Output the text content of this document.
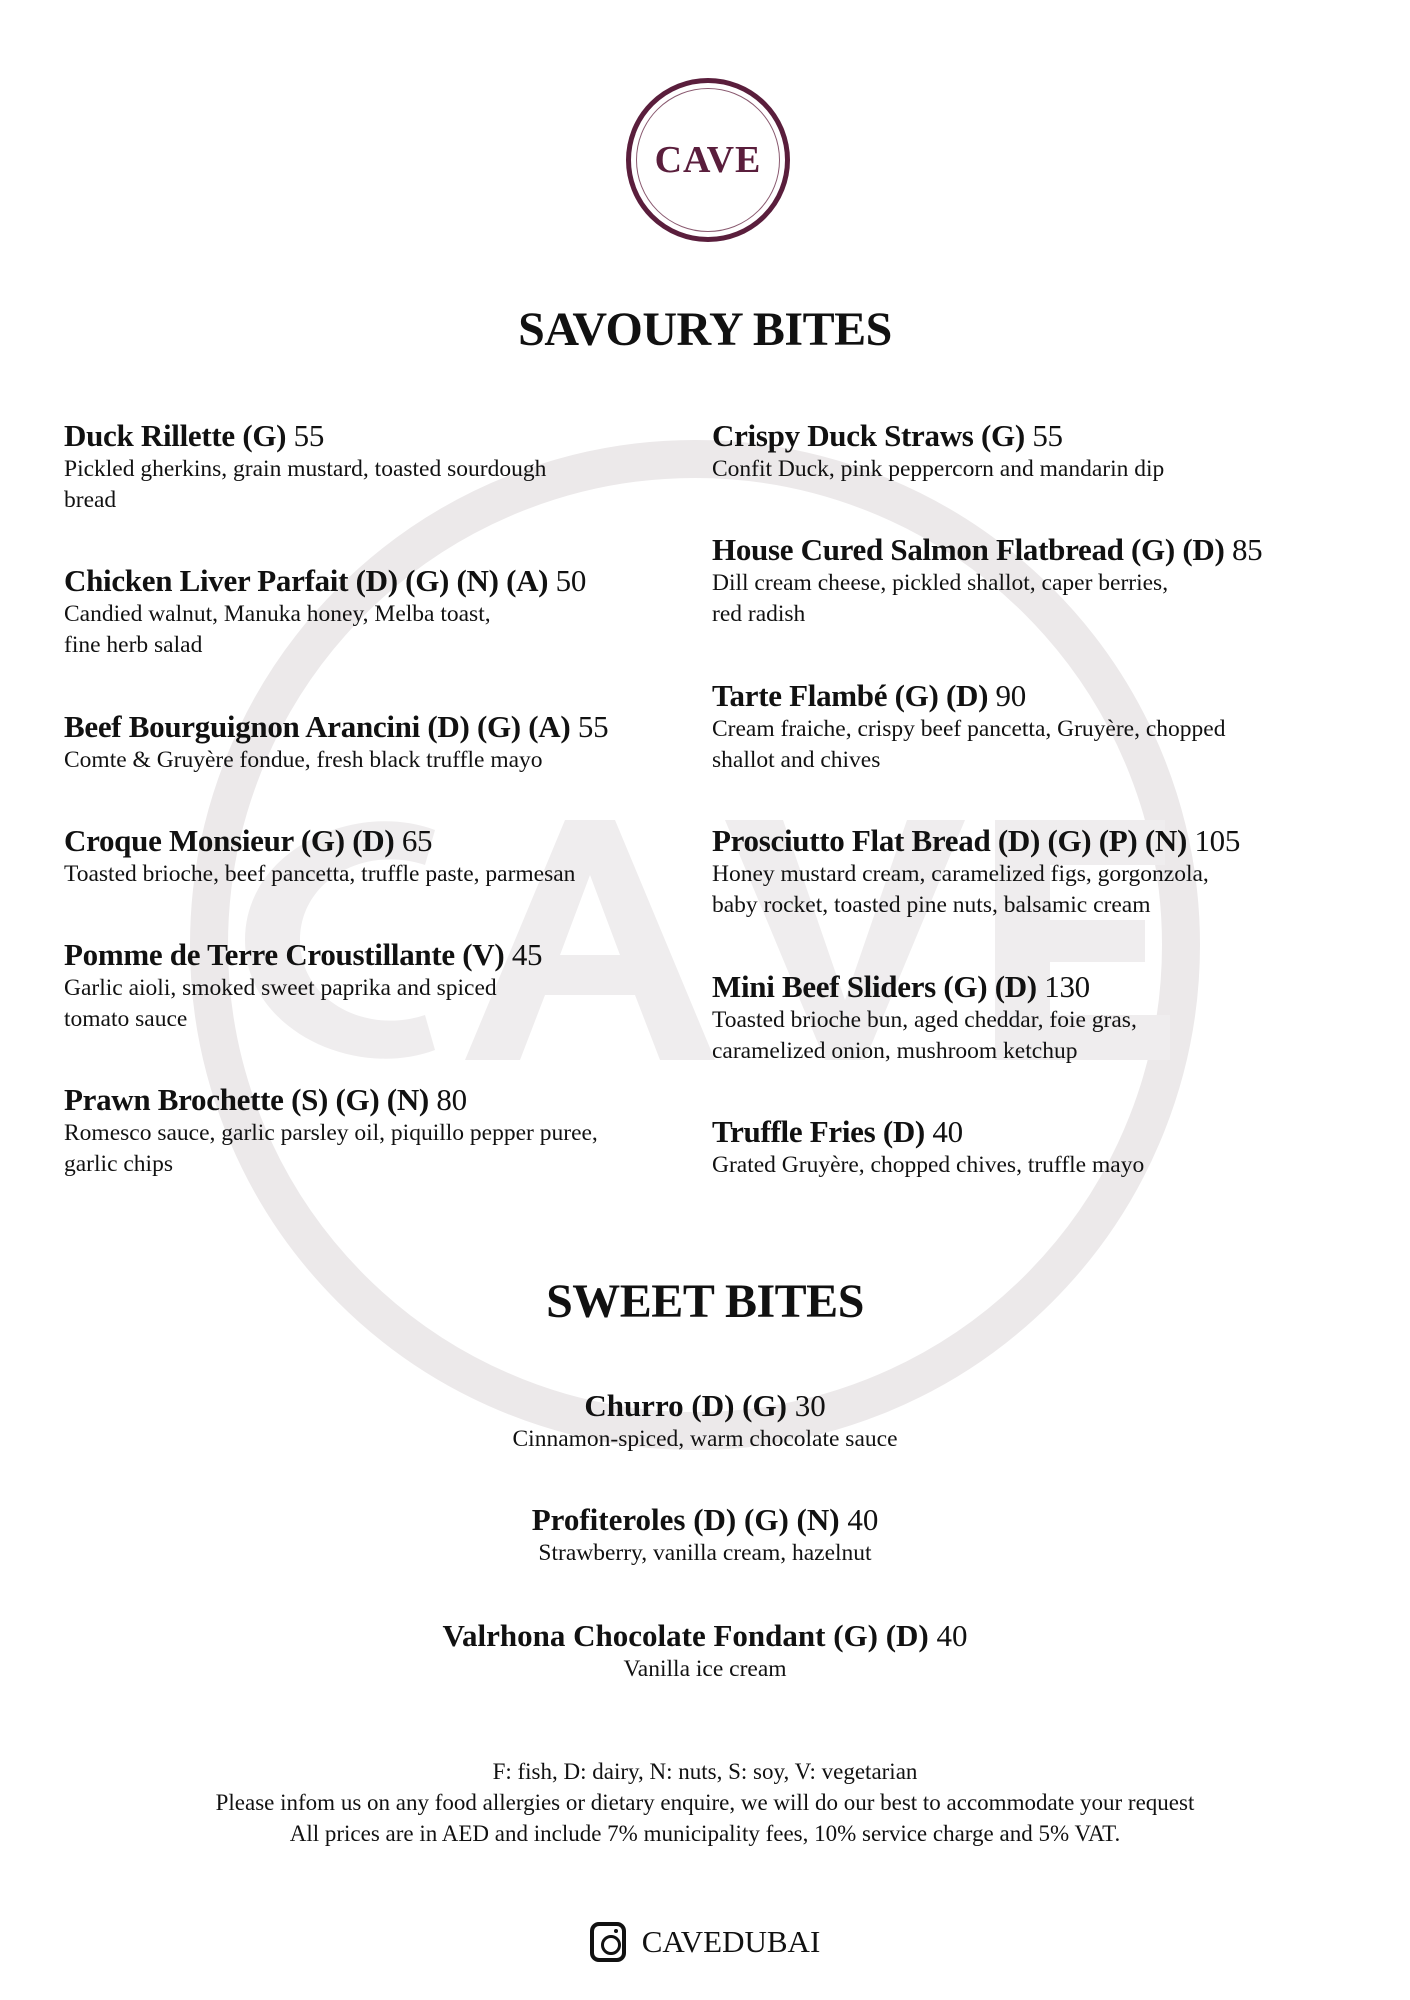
CAVE
SAVOURY BITES
Duck Rillette (G) 55
Pickled gherkins, grain mustard, toasted sourdough
bread
Chicken Liver Parfait (D) (G) (N) (A) 50
Candied walnut, Manuka honey, Melba toast,
fine herb salad
Beef Bourguignon Arancini (D) (G) (A) 55
Comte & Gruyère fondue, fresh black truffle mayo
Croque Monsieur (G) (D) 65
Toasted brioche, beef pancetta, truffle paste, parmesan
Pomme de Terre Croustillante (V) 45
Garlic aioli, smoked sweet paprika and spiced
tomato sauce
Prawn Brochette (S) (G) (N) 80
Romesco sauce, garlic parsley oil, piquillo pepper puree,
garlic chips
Crispy Duck Straws (G) 55
Confit Duck, pink peppercorn and mandarin dip
House Cured Salmon Flatbread (G) (D) 85
Dill cream cheese, pickled shallot, caper berries,
red radish
Tarte Flambé (G) (D) 90
Cream fraiche, crispy beef pancetta, Gruyère, chopped
shallot and chives
Prosciutto Flat Bread (D) (G) (P) (N) 105
Honey mustard cream, caramelized figs, gorgonzola,
baby rocket, toasted pine nuts, balsamic cream
Mini Beef Sliders (G) (D) 130
Toasted brioche bun, aged cheddar, foie gras,
caramelized onion, mushroom ketchup
Truffle Fries (D) 40
Grated Gruyère, chopped chives, truffle mayo
SWEET BITES
Churro (D) (G) 30
Cinnamon-spiced, warm chocolate sauce
Profiteroles (D) (G) (N) 40
Strawberry, vanilla cream, hazelnut
Valrhona Chocolate Fondant (G) (D) 40
Vanilla ice cream
F: fish, D: dairy, N: nuts, S: soy, V: vegetarian
Please infom us on any food allergies or dietary enquire, we will do our best to accommodate your request
All prices are in AED and include 7% municipality fees, 10% service charge and 5% VAT.
CAVEDUBAI
